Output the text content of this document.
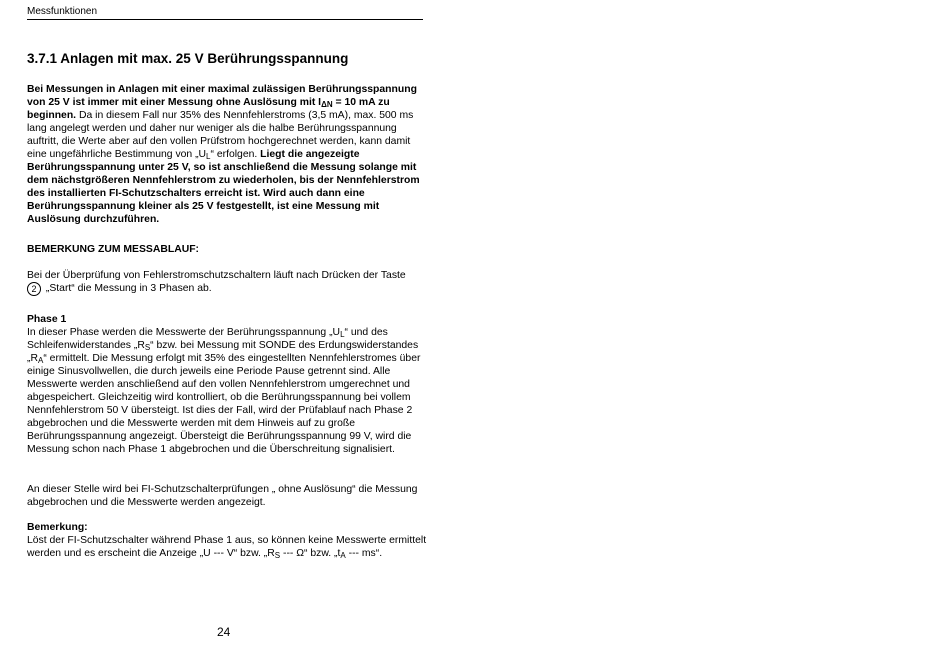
Messfunktionen
3.7.1 Anlagen mit max. 25 V Berührungsspannung
Bei Messungen in Anlagen mit einer maximal zulässigen Berührungsspannung von 25 V ist immer mit einer Messung ohne Auslösung mit $I_{\Delta N} = 10$ mA zu beginnen. Da in diesem Fall nur 35% des Nennfehlerstroms (3,5 mA), max. 500 ms lang angelegt werden und daher nur weniger als die halbe Berührungsspannung auftritt, die Werte aber auf den vollen Prüfstrom hochgerechnet werden, kann damit eine ungefährliche Bestimmung von $„U_L“$ erfolgen. Liegt die angezeigte Berührungsspannung unter 25 V, so ist anschließend die Messung solange mit dem nächstgrößeren Nennfehlerstrom zu wiederholen, bis der Nennfehlerstrom des installierten FI-Schutzschalters erreicht ist. Wird auch dann eine Berührungsspannung kleiner als 25 V festgestellt, ist eine Messung mit Auslösung durchzuführen.
BEMERKUNG ZUM MESSABLAUF:
Bei der Überprüfung von Fehlerstromschutzschaltern läuft nach Drücken der Taste
2 „Start“ die Messung in 3 Phasen ab.
Phase 1
In dieser Phase werden die Messwerte der Berührungsspannung $„U_L“$ und des Schleifenwiderstandes $„R_S“$ bzw. bei Messung mit SONDE des Erdungswiderstandes $„R_A“$ ermittelt. Die Messung erfolgt mit 35% des eingestellten Nennfehlerstromes über einige Sinusvollwellen, die durch jeweils eine Periode Pause getrennt sind. Alle Messwerte werden anschließend auf den vollen Nennfehlerstrom umgerechnet und abgespeichert. Gleichzeitig wird kontrolliert, ob die Berührungsspannung bei vollem Nennfehlerstrom 50 V übersteigt. Ist dies der Fall, wird der Prüfablauf nach Phase 2 abgebrochen und die Messwerte werden mit dem Hinweis auf zu große Berührungsspannung angezeigt. Übersteigt die Berührungsspannung 99 V, wird die Messung schon nach Phase 1 abgebrochen und die Überschreitung signalisiert.
An dieser Stelle wird bei FI-Schutzschalterprüfungen „ ohne Auslösung“ die Messung abgebrochen und die Messwerte werden angezeigt.
Bemerkung:
Löst der FI-Schutzschalter während Phase 1 aus, so können keine Messwerte ermittelt werden und es erscheint die Anzeige „U --- V“ bzw. $„R_S$ --- Ω“ bzw. $„t_A$ --- ms“.
24
